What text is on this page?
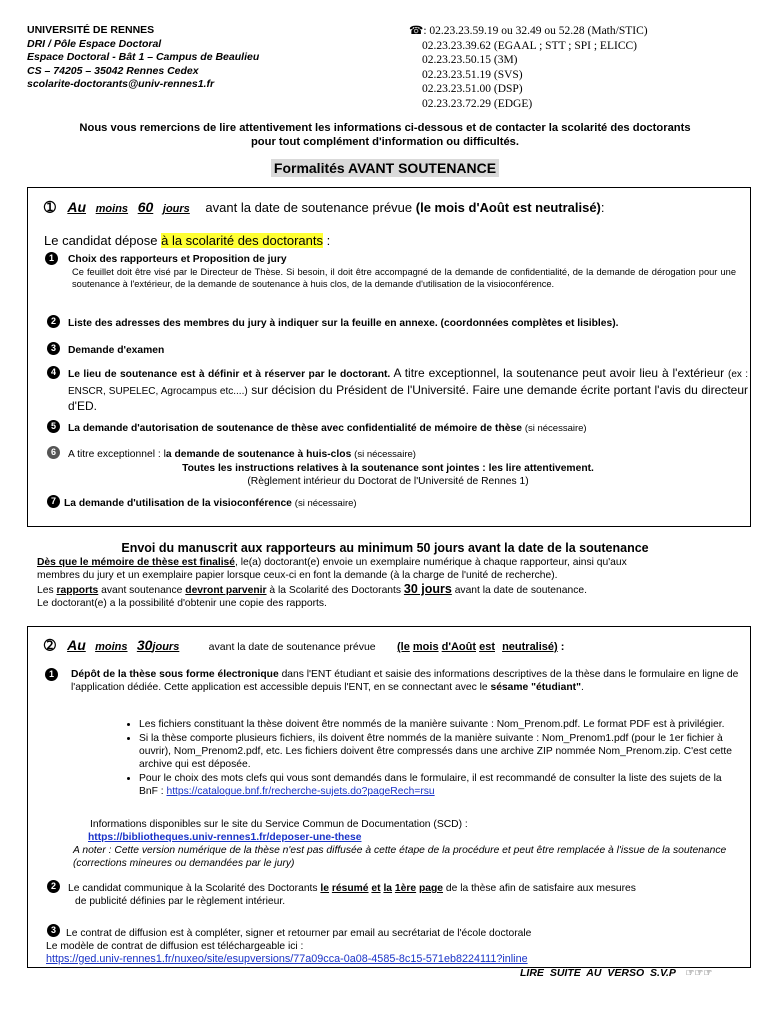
UNIVERSITÉ DE RENNES
DRI / Pôle Espace Doctoral
Espace Doctoral - Bât 1 – Campus de Beaulieu
CS – 74205 – 35042 Rennes Cedex
scolarite-doctorants@univ-rennes1.fr
☎: 02.23.23.59.19 ou 32.49 ou 52.28 (Math/STIC)
02.23.23.39.62 (EGAAL ; STT ; SPI ; ELICC)
02.23.23.50.15 (3M)
02.23.23.51.19 (SVS)
02.23.23.51.00 (DSP)
02.23.23.72.29 (EDGE)
Nous vous remercions de lire attentivement les informations ci-dessous et de contacter la scolarité des doctorants
pour tout complément d'information ou difficultés.
Formalités AVANT SOUTENANCE
➀ Au moins 60 jours avant la date de soutenance prévue (le mois d'Août est neutralisé):
Le candidat dépose à la scolarité des doctorants :
1	Choix des rapporteurs et Proposition de jury
Ce feuillet doit être visé par le Directeur de Thèse. Si besoin, il doit être accompagné de la demande de confidentialité, de la demande de dérogation pour une soutenance à l'extérieur, de la demande de soutenance à huis clos, de la demande d'utilisation de la visioconférence.
2	Liste des adresses des membres du jury à indiquer sur la feuille en annexe. (coordonnées complètes et lisibles).
3	Demande d'examen
4	Le lieu de soutenance est à définir et à réserver par le doctorant. A titre exceptionnel, la soutenance peut avoir lieu à l'extérieur (ex : ENSCR, SUPELEC, Agrocampus etc....) sur décision du Président de l'Université. Faire une demande écrite portant l'avis du directeur d'ED.
5	La demande d'autorisation de soutenance de thèse avec confidentialité de mémoire de thèse (si nécessaire)
6	A titre exceptionnel : la demande de soutenance à huis-clos (si nécessaire)
Toutes les instructions relatives à la soutenance sont jointes : les lire attentivement.
(Règlement intérieur du Doctorat de l'Université de Rennes 1)
7 La demande d'utilisation de la visioconférence (si nécessaire)
Envoi du manuscrit aux rapporteurs au minimum 50 jours avant la date de la soutenance
Dès que le mémoire de thèse est finalisé, le(a) doctorant(e) envoie un exemplaire numérique à chaque rapporteur, ainsi qu'aux
membres du jury et un exemplaire papier lorsque ceux-ci en font la demande (à la charge de l'unité de recherche).
Les rapports avant soutenance devront parvenir à la Scolarité des Doctorants 30 jours avant la date de soutenance.
Le doctorant(e) a la possibilité d'obtenir une copie des rapports.
➁ Au moins 30jours	avant la date de soutenance prévue (le mois d'Août est neutralisé) :
1	Dépôt de la thèse sous forme électronique dans l'ENT étudiant et saisie des informations descriptives de la thèse dans le formulaire en ligne de l'application dédiée. Cette application est accessible depuis l'ENT, en se connectant avec le sésame "étudiant".
• Les fichiers constituant la thèse doivent être nommés de la manière suivante : Nom_Prenom.pdf. Le format PDF est à privilégier.
• Si la thèse comporte plusieurs fichiers, ils doivent être nommés de la manière suivante : Nom_Prenom1.pdf (pour le 1er fichier à ouvrir), Nom_Prenom2.pdf, etc. Les fichiers doivent être compressés dans une archive ZIP nommée Nom_Prenom.zip. C'est cette archive qui est déposée.
• Pour le choix des mots clefs qui vous sont demandés dans le formulaire, il est recommandé de consulter la liste des sujets de la BnF : https://catalogue.bnf.fr/recherche-sujets.do?pageRech=rsu
Informations disponibles sur le site du Service Commun de Documentation (SCD) :
https://bibliotheques.univ-rennes1.fr/deposer-une-these
A noter : Cette version numérique de la thèse n'est pas diffusée à cette étape de la procédure et peut être remplacée à l'issue de la soutenance (corrections mineures ou demandées par le jury)
2	Le candidat communique à la Scolarité des Doctorants le résumé et la 1ère page de la thèse afin de satisfaire aux mesures
de publicité définies par le règlement intérieur.
3 Le contrat de diffusion est à compléter, signer et retourner par email au secrétariat de l'école doctorale
Le modèle de contrat de diffusion est téléchargeable ici :
https://ged.univ-rennes1.fr/nuxeo/site/esupversions/77a09cca-0a08-4585-8c15-571eb8224111?inline
LIRE SUITE AU VERSO S.V.P ☞☞☞
